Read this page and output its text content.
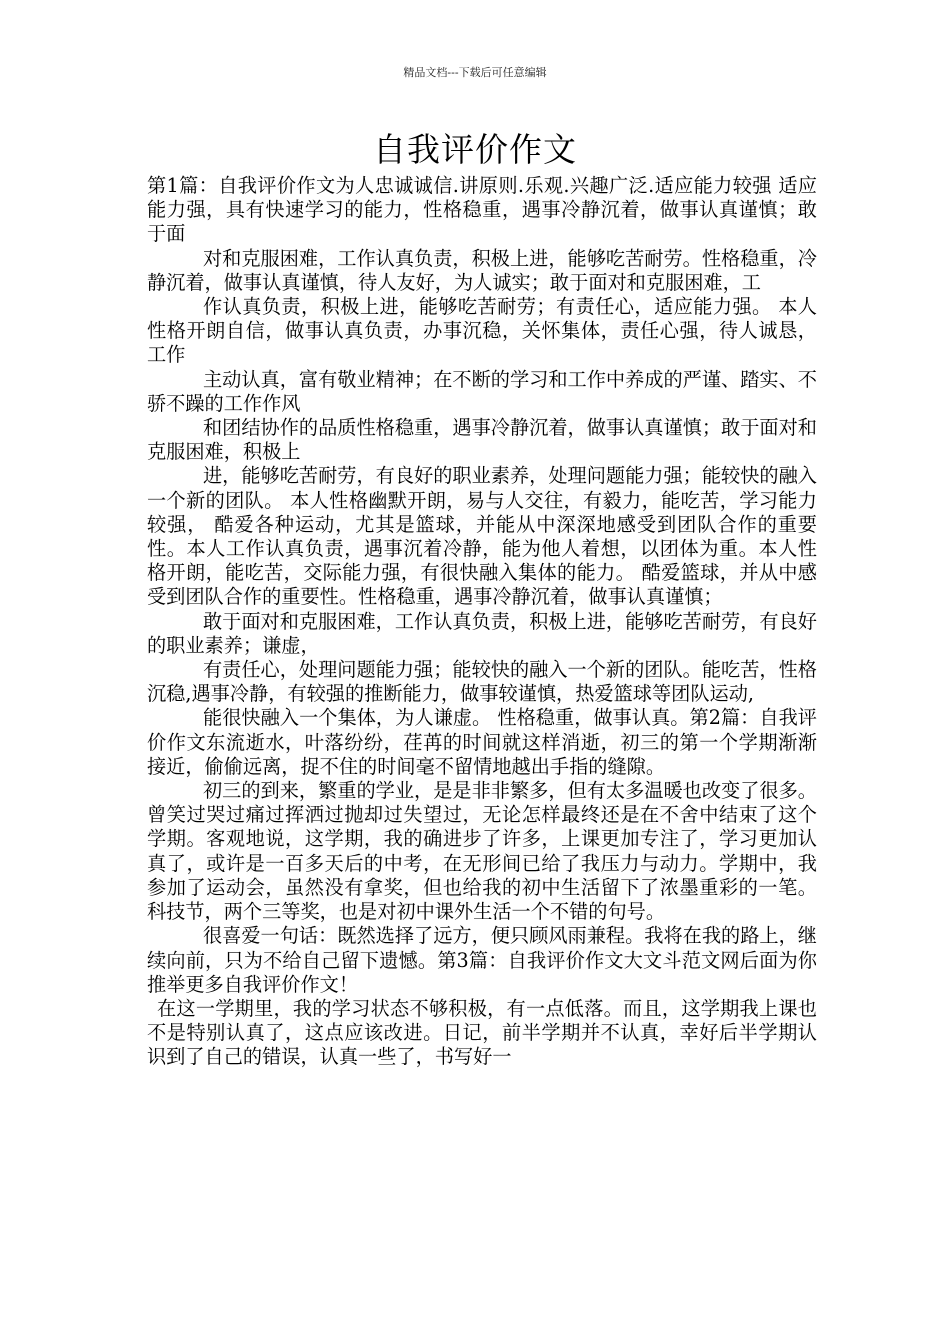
精品文档---下载后可任意编辑
自我评价作文

第1篇：自我评价作文为人忠诚诚信.讲原则.乐观.兴趣广泛.适应能力较强 适应能力强，具有快速学习的能力，性格稳重，遇事冷静沉着，做事认真谨慎；敢于面

对和克服困难，工作认真负责，积极上进，能够吃苦耐劳。性格稳重，冷静沉着，做事认真谨慎，待人友好，为人诚实；敢于面对和克服困难，工

作认真负责，积极上进，能够吃苦耐劳；有责任心，适应能力强。 本人性格开朗自信，做事认真负责，办事沉稳，关怀集体，责任心强，待人诚恳，工作

主动认真，富有敬业精神；在不断的学习和工作中养成的严谨、踏实、不骄不躁的工作作风

和团结协作的品质性格稳重，遇事冷静沉着，做事认真谨慎；敢于面对和克服困难，积极上

进，能够吃苦耐劳，有良好的职业素养，处理问题能力强；能较快的融入一个新的团队。 本人性格幽默开朗，易与人交往，有毅力，能吃苦，学习能力较强， 酷爱各种运动，尤其是篮球，并能从中深深地感受到团队合作的重要性。本人工作认真负责，遇事沉着冷静，能为他人着想，以团体为重。本人性格开朗，能吃苦，交际能力强，有很快融入集体的能力。 酷爱篮球，并从中感受到团队合作的重要性。性格稳重，遇事冷静沉着，做事认真谨慎；

敢于面对和克服困难，工作认真负责，积极上进，能够吃苦耐劳，有良好的职业素养；谦虚，

有责任心，处理问题能力强；能较快的融入一个新的团队。能吃苦，性格沉稳,遇事冷静，有较强的推断能力，做事较谨慎，热爱篮球等团队运动,

能很快融入一个集体，为人谦虚。 性格稳重，做事认真。第2篇：自我评价作文东流逝水，叶落纷纷，荏苒的时间就这样消逝，初三的第一个学期渐渐接近，偷偷远离，捉不住的时间毫不留情地越出手指的缝隙。

初三的到来，繁重的学业，是是非非繁多，但有太多温暖也改变了很多。曾笑过哭过痛过挥洒过抛却过失望过，无论怎样最终还是在不舍中结束了这个学期。客观地说，这学期，我的确进步了许多，上课更加专注了，学习更加认真了，或许是一百多天后的中考，在无形间已给了我压力与动力。学期中，我参加了运动会，虽然没有拿奖，但也给我的初中生活留下了浓墨重彩的一笔。科技节，两个三等奖，也是对初中课外生活一个不错的句号。

很喜爱一句话：既然选择了远方，便只顾风雨兼程。我将在我的路上，继续向前，只为不给自己留下遗憾。第3篇：自我评价作文大文斗范文网后面为你推举更多自我评价作文！

在这一学期里，我的学习状态不够积极，有一点低落。而且，这学期我上课也不是特别认真了，这点应该改进。日记，前半学期并不认真，幸好后半学期认识到了自己的错误，认真一些了，书写好一
